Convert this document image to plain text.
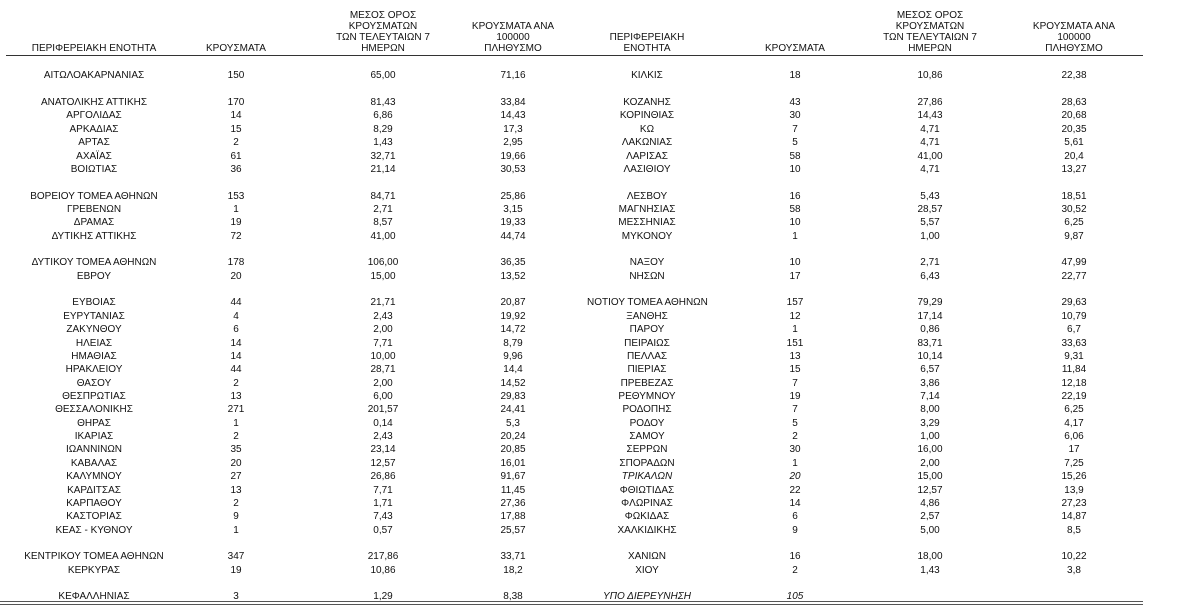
ΠΕΡΙΦΕΡΕΙΑΚΗ ΕΝΟΤΗΤΑ	ΚΡΟΥΣΜΑΤΑ
ΜΕΣΟΣ ΟΡΟΣ ΚΡΟΥΣΜΑΤΩΝ
ΤΩΝ ΤΕΛΕΥΤΑΙΩΝ 7 ΗΜΕΡΩΝ
ΚΡΟΥΣΜΑΤΑ ΑΝΑ 100000
ΠΛΗΘΥΣΜΟ
ΑΙΤΩΛΟΑΚΑΡΝΑΝΙΑΣ	150	65,00	71,16
ΑΝΑΤΟΛΙΚΗΣ ΑΤΤΙΚΗΣ	170	81,43	33,84
ΑΡΓΟΛΙΔΑΣ	14	6,86	14,43
ΑΡΚΑΔΙΑΣ	15	8,29	17,3
ΑΡΤΑΣ	2	1,43	2,95
ΑΧΑΪΑΣ	61	32,71	19,66
ΒΟΙΩΤΙΑΣ	36	21,14	30,53
ΒΟΡΕΙΟΥ ΤΟΜΕΑ ΑΘΗΝΩΝ	153	84,71	25,86
ΓΡΕΒΕΝΩΝ	1	2,71	3,15
ΔΡΑΜΑΣ	19	8,57	19,33
ΔΥΤΙΚΗΣ ΑΤΤΙΚΗΣ	72	41,00	44,74
ΔΥΤΙΚΟΥ ΤΟΜΕΑ ΑΘΗΝΩΝ	178	106,00	36,35
ΕΒΡΟΥ	20	15,00	13,52
ΕΥΒΟΙΑΣ	44	21,71	20,87
ΕΥΡΥΤΑΝΙΑΣ	4	2,43	19,92
ΖΑΚΥΝΘΟΥ	6	2,00	14,72
ΗΛΕΙΑΣ	14	7,71	8,79
ΗΜΑΘΙΑΣ	14	10,00	9,96
ΗΡΑΚΛΕΙΟΥ	44	28,71	14,4
ΘΑΣΟΥ	2	2,00	14,52
ΘΕΣΠΡΩΤΙΑΣ	13	6,00	29,83
ΘΕΣΣΑΛΟΝΙΚΗΣ	271	201,57	24,41
ΘΗΡΑΣ	1	0,14	5,3
ΙΚΑΡΙΑΣ	2	2,43	20,24
ΙΩΑΝΝΙΝΩΝ	35	23,14	20,85
ΚΑΒΑΛΑΣ	20	12,57	16,01
ΚΑΛΥΜΝΟΥ	27	26,86	91,67
ΚΑΡΔΙΤΣΑΣ	13	7,71	11,45
ΚΑΡΠΑΘΟΥ	2	1,71	27,36
ΚΑΣΤΟΡΙΑΣ	9	7,43	17,88
ΚΕΑΣ - ΚΥΘΝΟΥ	1	0,57	25,57
ΚΕΝΤΡΙΚΟΥ ΤΟΜΕΑ ΑΘΗΝΩΝ	347	217,86	33,71
ΚΕΡΚΥΡΑΣ	19	10,86	18,2
ΚΕΦΑΛΛΗΝΙΑΣ	3	1,29	8,38
ΠΕΡΙΦΕΡΕΙΑΚΗ ΕΝΟΤΗΤΑ	ΚΡΟΥΣΜΑΤΑ
ΜΕΣΟΣ ΟΡΟΣ ΚΡΟΥΣΜΑΤΩΝ
ΤΩΝ ΤΕΛΕΥΤΑΙΩΝ 7 ΗΜΕΡΩΝ
ΚΡΟΥΣΜΑΤΑ ΑΝΑ 100000
ΠΛΗΘΥΣΜΟ
ΚΙΛΚΙΣ	18	10,86	22,38
ΚΟΖΑΝΗΣ	43	27,86	28,63
ΚΟΡΙΝΘΙΑΣ	30	14,43	20,68
ΚΩ	7	4,71	20,35
ΛΑΚΩΝΙΑΣ	5	4,71	5,61
ΛΑΡΙΣΑΣ	58	41,00	20,4
ΛΑΣΙΘΙΟΥ	10	4,71	13,27
ΛΕΣΒΟΥ	16	5,43	18,51
ΜΑΓΝΗΣΙΑΣ	58	28,57	30,52
ΜΕΣΣΗΝΙΑΣ	10	5,57	6,25
ΜΥΚΟΝΟΥ	1	1,00	9,87
ΝΑΞΟΥ	10	2,71	47,99
ΝΗΣΩΝ	17	6,43	22,77
ΝΟΤΙΟΥ ΤΟΜΕΑ ΑΘΗΝΩΝ	157	79,29	29,63
ΞΑΝΘΗΣ	12	17,14	10,79
ΠΑΡΟΥ	1	0,86	6,7
ΠΕΙΡΑΙΩΣ	151	83,71	33,63
ΠΕΛΛΑΣ	13	10,14	9,31
ΠΙΕΡΙΑΣ	15	6,57	11,84
ΠΡΕΒΕΖΑΣ	7	3,86	12,18
ΡΕΘΥΜΝΟΥ	19	7,14	22,19
ΡΟΔΟΠΗΣ	7	8,00	6,25
ΡΟΔΟΥ	5	3,29	4,17
ΣΑΜΟΥ	2	1,00	6,06
ΣΕΡΡΩΝ	30	16,00	17
ΣΠΟΡΑΔΩΝ	1	2,00	7,25
ΤΡΙΚΑΛΩΝ	20	15,00	15,26
ΦΘΙΩΤΙΔΑΣ	22	12,57	13,9
ΦΛΩΡΙΝΑΣ	14	4,86	27,23
ΦΩΚΙΔΑΣ	6	2,57	14,87
ΧΑΛΚΙΔΙΚΗΣ	9	5,00	8,5
ΧΑΝΙΩΝ	16	18,00	10,22
ΧΙΟΥ	2	1,43	3,8
ΥΠΟ ΔΙΕΡΕΥΝΗΣΗ	105
